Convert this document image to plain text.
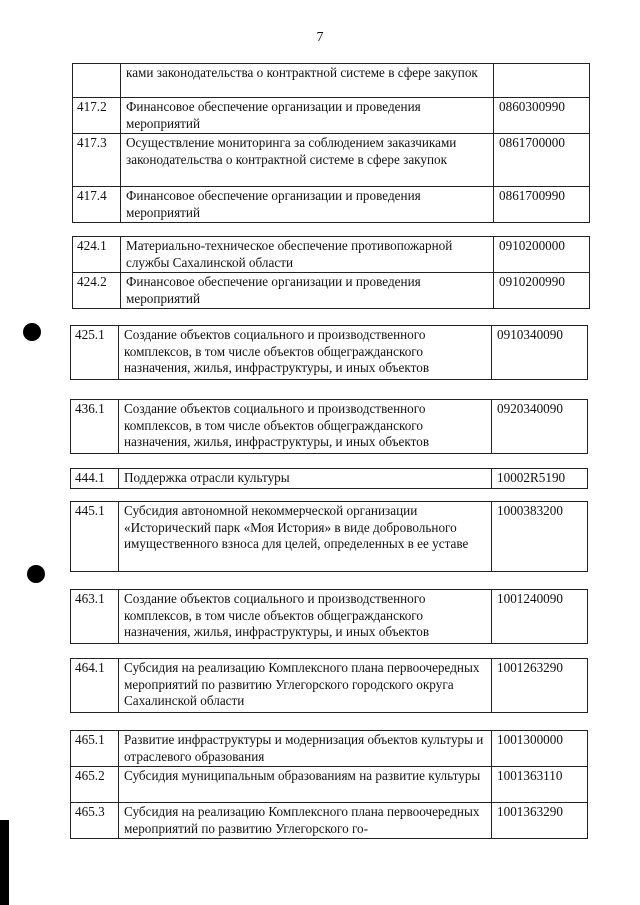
7
	ками законодательства о контрактной системе в сфере закупок	
417.2	Финансовое обеспечение организации и проведения мероприятий	0860300990
417.3	Осуществление мониторинга за соблюдением заказчиками законодательства о контрактной системе в сфере закупок	0861700000
417.4	Финансовое обеспечение организации и проведения мероприятий	0861700990
424.1	Материально-техническое обеспечение противопожарной службы Сахалинской области	0910200000
424.2	Финансовое обеспечение организации и проведения мероприятий	0910200990
425.1	Создание объектов социального и производственного комплексов, в том числе объектов общегражданского назначения, жилья, инфраструктуры, и иных объектов	0910340090
436.1	Создание объектов социального и производственного комплексов, в том числе объектов общегражданского назначения, жилья, инфраструктуры, и иных объектов	0920340090
444.1	Поддержка отрасли культуры	10002R5190
445.1	Субсидия автономной некоммерческой организации «Исторический парк «Моя История» в виде добровольного имущественного взноса для целей, определенных в ее уставе	1000383200
463.1	Создание объектов социального и производственного комплексов, в том числе объектов общегражданского назначения, жилья, инфраструктуры, и иных объектов	1001240090
464.1	Субсидия на реализацию Комплексного плана первоочередных мероприятий по развитию Углегорского городского округа Сахалинской области	1001263290
465.1	Развитие инфраструктуры и модернизация объектов культуры и отраслевого образования	1001300000
465.2	Субсидия муниципальным образованиям на развитие культуры	1001363110
465.3	Субсидия на реализацию Комплексного плана первоочередных мероприятий по развитию Углегорского го-	1001363290
